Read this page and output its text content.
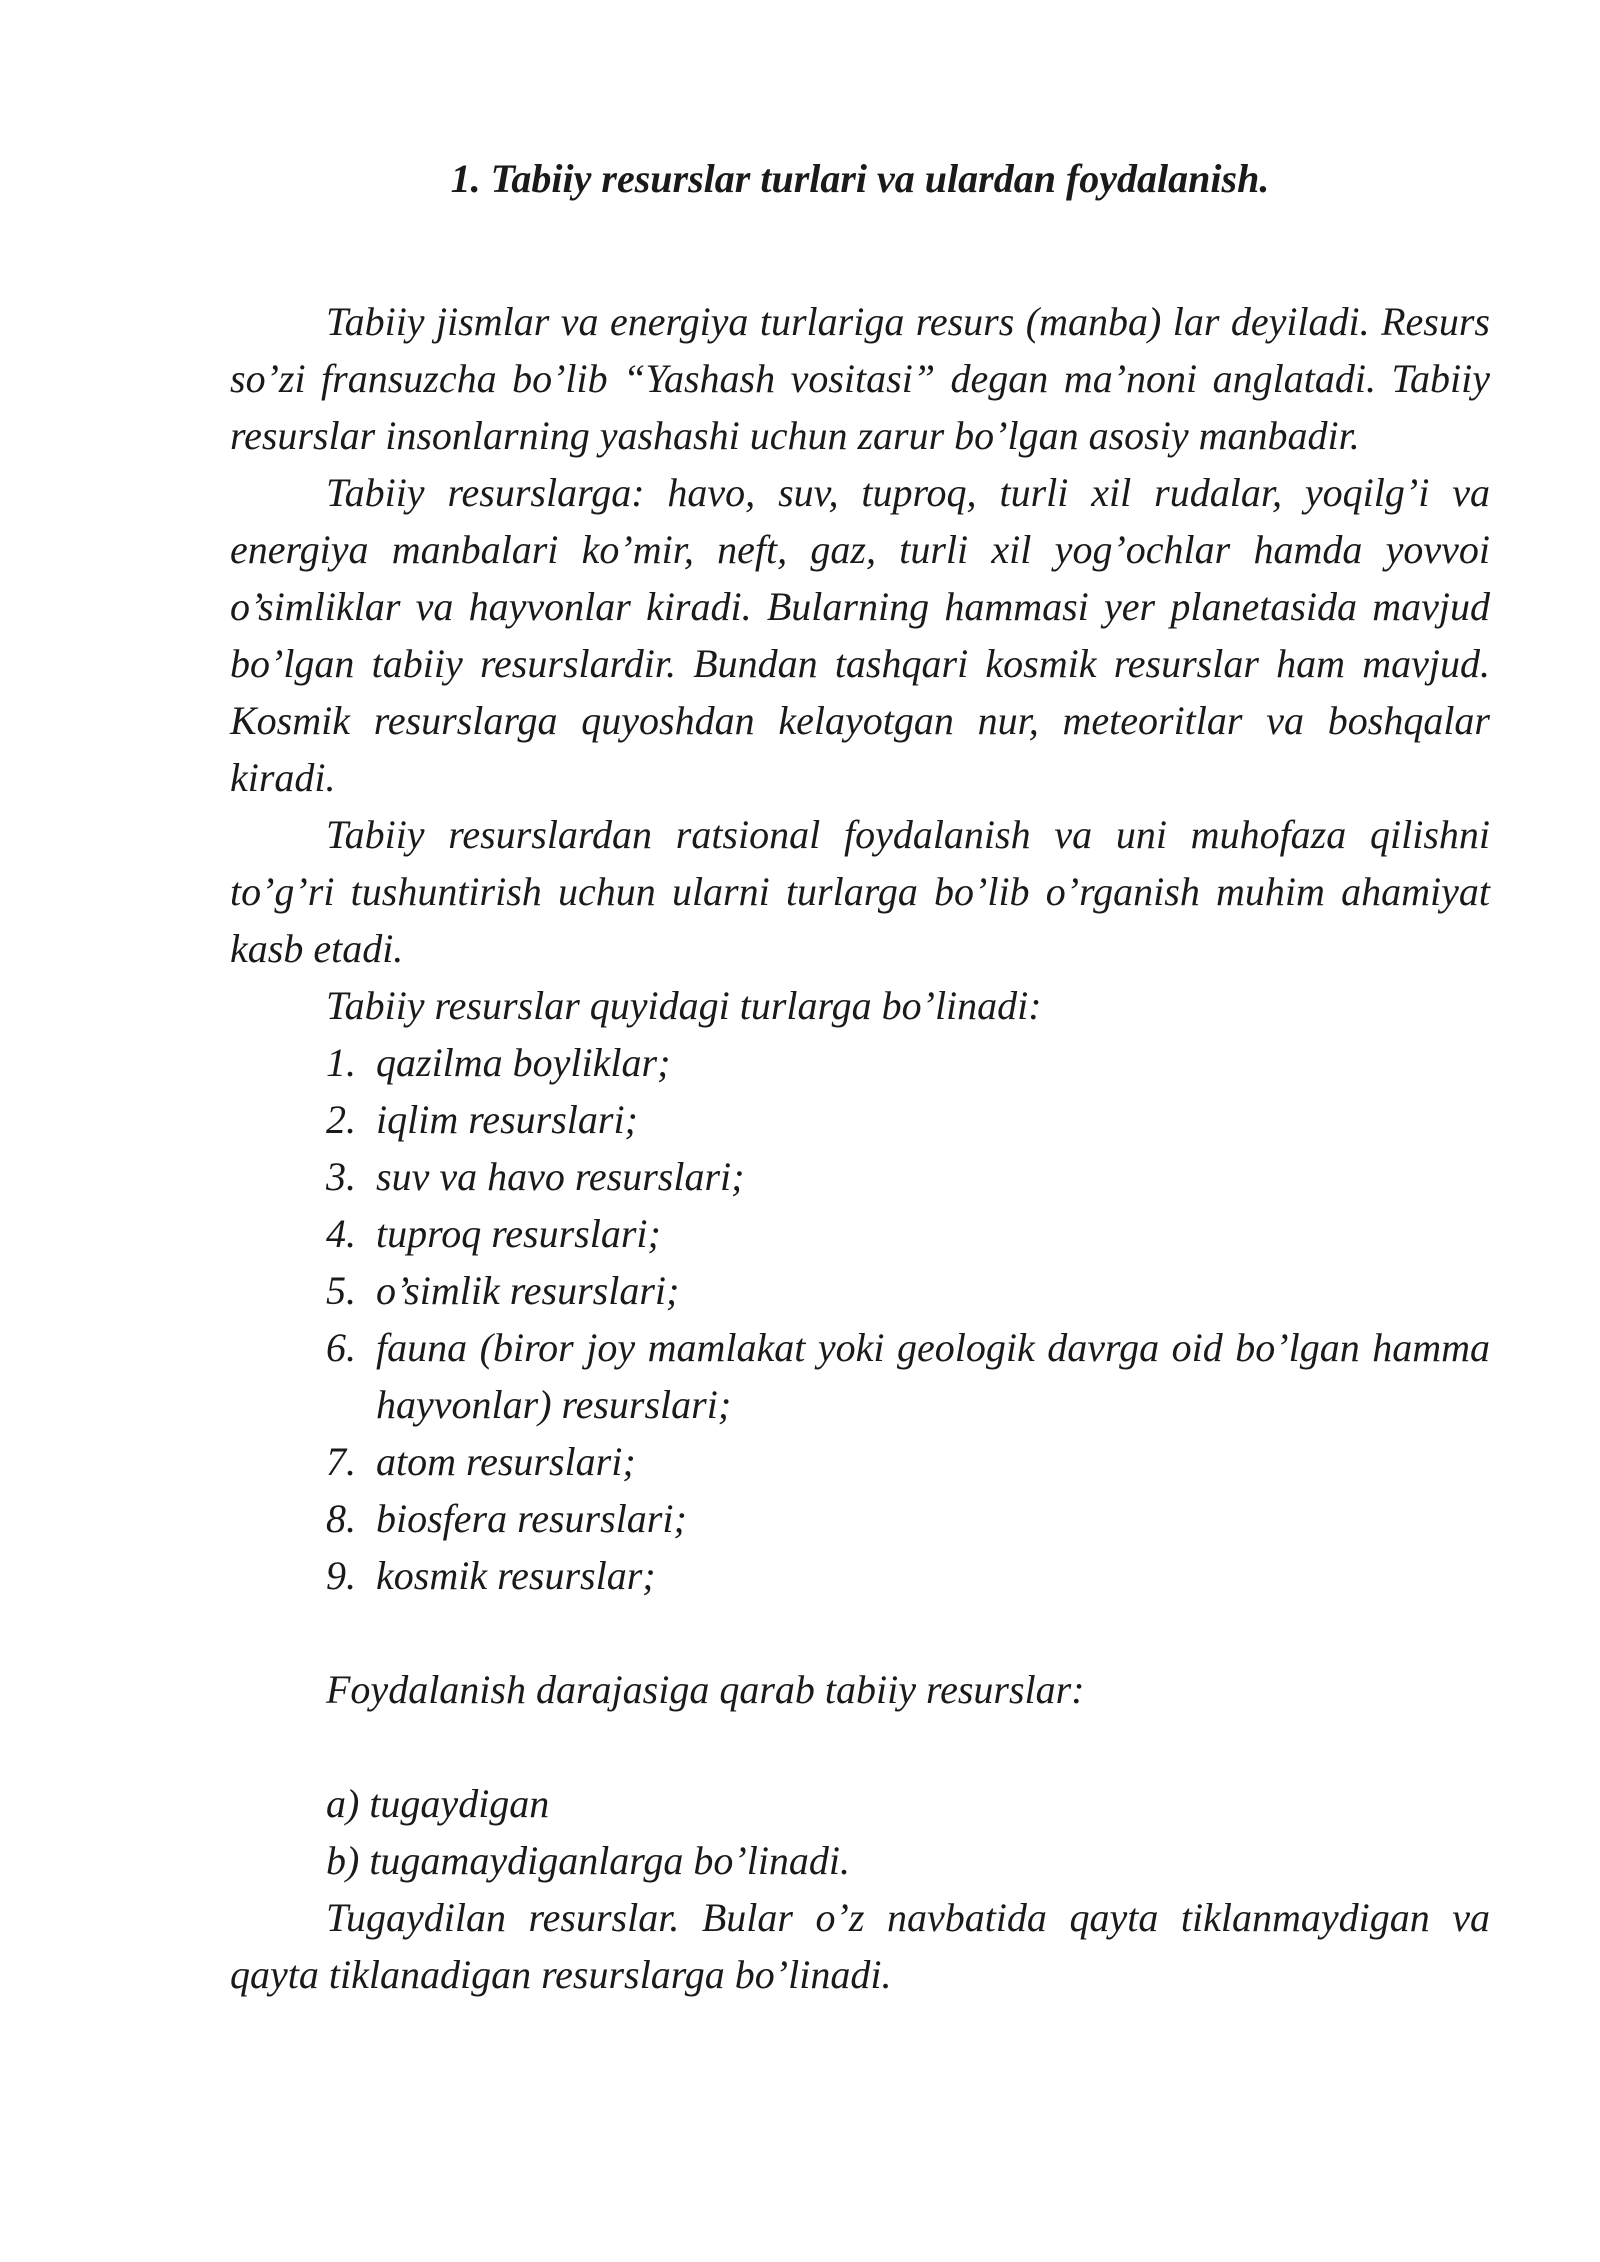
1. Tabiiy resurslar turlari va ulardan foydalanish.

Tabiiy jismlar va energiya turlariga resurs (manba) lar deyiladi. Resurs so’zi fransuzcha bo’lib “Yashash vositasi” degan ma’noni anglatadi. Tabiiy resurslar insonlarning yashashi uchun zarur bo’lgan asosiy manbadir.

Tabiiy resurslarga: havo, suv, tuproq, turli xil rudalar, yoqilg’i va energiya manbalari ko’mir, neft, gaz, turli xil yog’ochlar hamda yovvoi o’simliklar va hayvonlar kiradi. Bularning hammasi yer planetasida mavjud bo’lgan tabiiy resurslardir. Bundan tashqari kosmik resurslar ham mavjud. Kosmik resurslarga quyoshdan kelayotgan nur, meteoritlar va boshqalar kiradi.

Tabiiy resurslardan ratsional foydalanish va uni muhofaza qilishni to’g’ri tushuntirish uchun ularni turlarga bo’lib o’rganish muhim ahamiyat kasb etadi.

Tabiiy resurslar quyidagi turlarga bo’linadi:

1. qazilma boyliklar;
2. iqlim resurslari;
3. suv va havo resurslari;
4. tuproq resurslari;
5. o’simlik resurslari;
6. fauna (biror joy mamlakat yoki geologik davrga oid bo’lgan hamma hayvonlar) resurslari;
7. atom resurslari;
8. biosfera resurslari;
9. kosmik resurslar;

Foydalanish darajasiga qarab tabiiy resurslar:

a) tugaydigan

b) tugamaydiganlarga bo’linadi.

Tugaydilan resurslar. Bular o’z navbatida qayta tiklanmaydigan va qayta tiklanadigan resurslarga bo’linadi.
